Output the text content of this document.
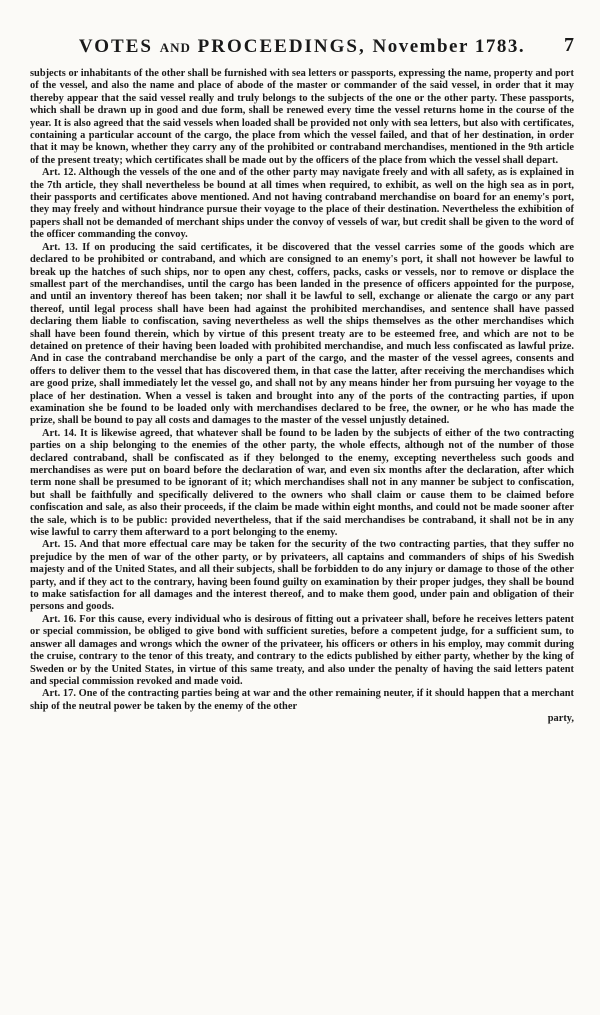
VOTES AND PROCEEDINGS, November 1783. 7

subjects or inhabitants of the other shall be furnished with sea letters or passports, expressing the name, property and port of the vessel, and also the name and place of abode of the master or commander of the said vessel, in order that it may thereby appear that the said vessel really and truly belongs to the subjects of the one or the other party. These passports, which shall be drawn up in good and due form, shall be renewed every time the vessel returns home in the course of the year. It is also agreed that the said vessels when loaded shall be provided not only with sea letters, but also with certificates, containing a particular account of the cargo, the place from which the vessel failed, and that of her destination, in order that it may be known, whether they carry any of the prohibited or contraband merchandises, mentioned in the 9th article of the present treaty; which certificates shall be made out by the officers of the place from which the vessel shall depart.

Art. 12. Although the vessels of the one and of the other party may navigate freely and with all safety, as is explained in the 7th article, they shall nevertheless be bound at all times when required, to exhibit, as well on the high sea as in port, their passports and certificates above mentioned. And not having contraband merchandise on board for an enemy's port, they may freely and without hindrance pursue their voyage to the place of their destination. Nevertheless the exhibition of papers shall not be demanded of merchant ships under the convoy of vessels of war, but credit shall be given to the word of the officer commanding the convoy.

Art. 13. If on producing the said certificates, it be discovered that the vessel carries some of the goods which are declared to be prohibited or contraband, and which are consigned to an enemy's port, it shall not however be lawful to break up the hatches of such ships, nor to open any chest, coffers, packs, casks or vessels, nor to remove or displace the smallest part of the merchandises, until the cargo has been landed in the presence of officers appointed for the purpose, and until an inventory thereof has been taken; nor shall it be lawful to sell, exchange or alienate the cargo or any part thereof, until legal process shall have been had against the prohibited merchandises, and sentence shall have passed declaring them liable to confiscation, saving nevertheless as well the ships themselves as the other merchandises which shall have been found therein, which by virtue of this present treaty are to be esteemed free, and which are not to be detained on pretence of their having been loaded with prohibited merchandise, and much less confiscated as lawful prize. And in case the contraband merchandise be only a part of the cargo, and the master of the vessel agrees, consents and offers to deliver them to the vessel that has discovered them, in that case the latter, after receiving the merchandises which are good prize, shall immediately let the vessel go, and shall not by any means hinder her from pursuing her voyage to the place of her destination. When a vessel is taken and brought into any of the ports of the contracting parties, if upon examination she be found to be loaded only with merchandises declared to be free, the owner, or he who has made the prize, shall be bound to pay all costs and damages to the master of the vessel unjustly detained.

Art. 14. It is likewise agreed, that whatever shall be found to be laden by the subjects of either of the two contracting parties on a ship belonging to the enemies of the other party, the whole effects, although not of the number of those declared contraband, shall be confiscated as if they belonged to the enemy, excepting nevertheless such goods and merchandises as were put on board before the declaration of war, and even six months after the declaration, after which term none shall be presumed to be ignorant of it; which merchandises shall not in any manner be subject to confiscation, but shall be faithfully and specifically delivered to the owners who shall claim or cause them to be claimed before confiscation and sale, as also their proceeds, if the claim be made within eight months, and could not be made sooner after the sale, which is to be public: provided nevertheless, that if the said merchandises be contraband, it shall not be in any wise lawful to carry them afterward to a port belonging to the enemy.

Art. 15. And that more effectual care may be taken for the security of the two contracting parties, that they suffer no prejudice by the men of war of the other party, or by privateers, all captains and commanders of ships of his Swedish majesty and of the United States, and all their subjects, shall be forbidden to do any injury or damage to those of the other party, and if they act to the contrary, having been found guilty on examination by their proper judges, they shall be bound to make satisfaction for all damages and the interest thereof, and to make them good, under pain and obligation of their persons and goods.

Art. 16. For this cause, every individual who is desirous of fitting out a privateer shall, before he receives letters patent or special commission, be obliged to give bond with sufficient sureties, before a competent judge, for a sufficient sum, to answer all damages and wrongs which the owner of the privateer, his officers or others in his employ, may commit during the cruise, contrary to the tenor of this treaty, and contrary to the edicts published by either party, whether by the king of Sweden or by the United States, in virtue of this same treaty, and also under the penalty of having the said letters patent and special commission revoked and made void.

Art. 17. One of the contracting parties being at war and the other remaining neuter, if it should happen that a merchant ship of the neutral power be taken by the enemy of the other

party,
